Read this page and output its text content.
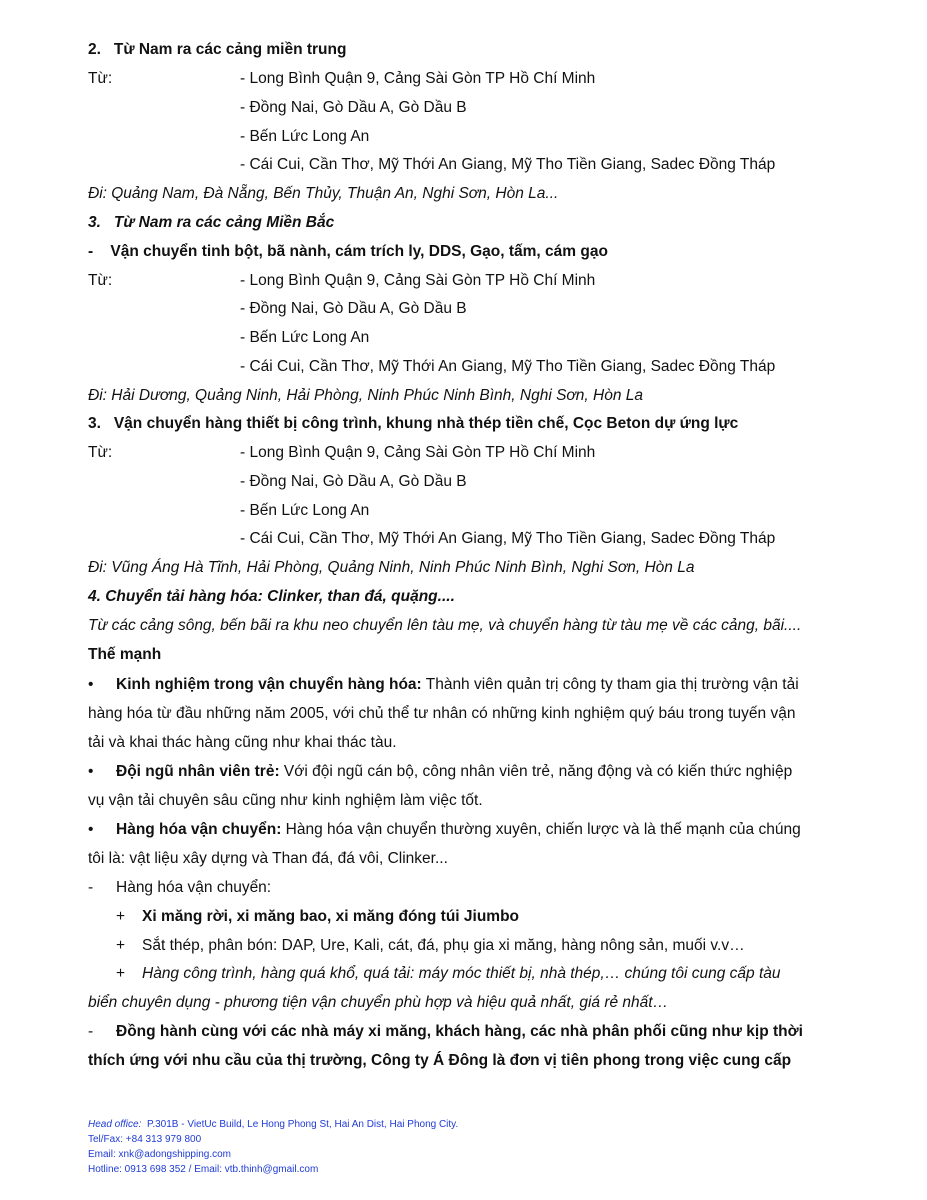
2.   Từ Nam ra các cảng miền trung
Từ:	- Long Bình Quận 9, Cảng Sài Gòn TP Hồ Chí Minh
- Đồng Nai, Gò Dầu A, Gò Dầu B
- Bến Lức Long An
- Cái Cui, Cần Thơ, Mỹ Thới An Giang, Mỹ Tho Tiền Giang, Sadec Đồng Tháp
Đi: Quảng Nam, Đà Nẵng, Bến Thủy, Thuận An, Nghi Sơn, Hòn La...
3.   Từ Nam ra các cảng Miền Bắc
-    Vận chuyển tinh bột, bã nành, cám trích ly, DDS, Gạo, tấm, cám gạo
Từ:	- Long Bình Quận 9, Cảng Sài Gòn TP Hồ Chí Minh
- Đồng Nai, Gò Dầu A, Gò Dầu B
- Bến Lức Long An
- Cái Cui, Cần Thơ, Mỹ Thới An Giang, Mỹ Tho Tiền Giang, Sadec Đồng Tháp
Đi: Hải Dương, Quảng Ninh, Hải Phòng, Ninh Phúc Ninh Bình, Nghi Sơn, Hòn La
3.   Vận chuyển hàng thiết bị công trình, khung nhà thép tiền chế, Cọc Beton dự ứng lực
Từ:	- Long Bình Quận 9, Cảng Sài Gòn TP Hồ Chí Minh
- Đồng Nai, Gò Dầu A, Gò Dầu B
- Bến Lức Long An
- Cái Cui, Cần Thơ, Mỹ Thới An Giang, Mỹ Tho Tiền Giang, Sadec Đồng Tháp
Đi: Vũng Áng Hà Tĩnh, Hải Phòng, Quảng Ninh, Ninh Phúc Ninh Bình, Nghi Sơn, Hòn La
4. Chuyển tải hàng hóa: Clinker, than đá, quặng....
Từ các cảng sông, bến bãi ra khu neo chuyển lên tàu mẹ, và chuyển hàng từ tàu mẹ về các cảng, bãi....
Thế mạnh
• Kinh nghiệm trong vận chuyển hàng hóa: Thành viên quản trị công ty tham gia thị trường vận tải
hàng hóa từ đầu những năm 2005, với chủ thể tư nhân có những kinh nghiệm quý báu trong tuyến vận
tải và khai thác hàng cũng như khai thác tàu.
• Đội ngũ nhân viên trẻ: Với đội ngũ cán bộ, công nhân viên trẻ, năng động và có kiến thức nghiệp
vụ vận tải chuyên sâu cũng như kinh nghiệm làm việc tốt.
• Hàng hóa vận chuyển: Hàng hóa vận chuyển thường xuyên, chiến lược và là thế mạnh của chúng
tôi là: vật liệu xây dựng và Than đá, đá vôi, Clinker...
- Hàng hóa vận chuyển:
+ Xi măng rời, xi măng bao, xi măng đóng túi Jiumbo
+ Sắt thép, phân bón: DAP, Ure, Kali, cát, đá, phụ gia xi măng, hàng nông sản, muối v.v…
+ Hàng công trình, hàng quá khổ, quá tải: máy móc thiết bị, nhà thép,… chúng tôi cung cấp tàu
biển chuyên dụng - phương tiện vận chuyển phù hợp và hiệu quả nhất, giá rẻ nhất…
- Đồng hành cùng với các nhà máy xi măng, khách hàng, các nhà phân phối cũng như kịp thời
thích ứng với nhu cầu của thị trường, Công ty Á Đông là đơn vị tiên phong trong việc cung cấp
Head office: P.301B - VietUc Build, Le Hong Phong St, Hai An Dist, Hai Phong City.
Tel/Fax: +84 313 979 800
Email: xnk@adongshipping.com
Hotline: 0913 698 352 / Email: vtb.thinh@gmail.com
